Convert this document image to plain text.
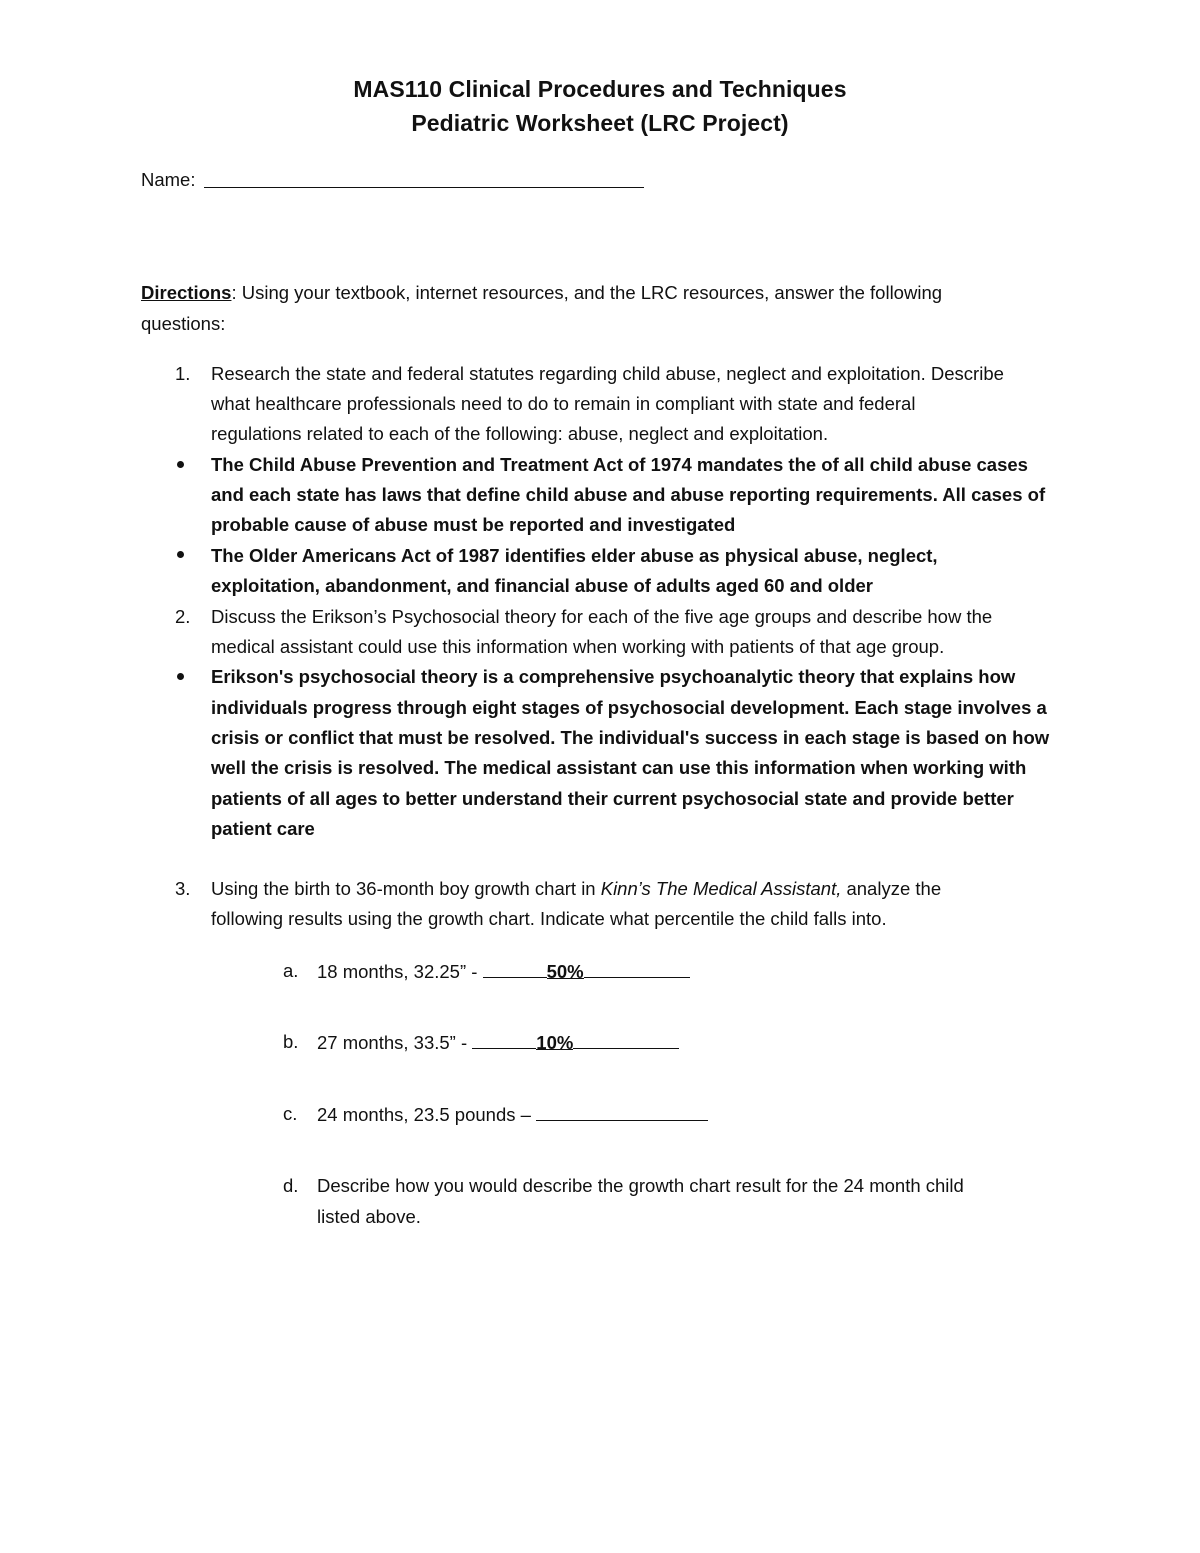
MAS110 Clinical Procedures and Techniques
Pediatric Worksheet (LRC Project)
Name:
Directions: Using your textbook, internet resources, and the LRC resources, answer the following
questions:
1. Research the state and federal statutes regarding child abuse, neglect and exploitation. Describe
what healthcare professionals need to do to remain in compliant with state and federal
regulations related to each of the following: abuse, neglect and exploitation.
The Child Abuse Prevention and Treatment Act of 1974 mandates the of all child abuse cases
and each state has laws that define child abuse and abuse reporting requirements. All cases of
probable cause of abuse must be reported and investigated
The Older Americans Act of 1987 identifies elder abuse as physical abuse, neglect,
exploitation, abandonment, and financial abuse of adults aged 60 and older
2. Discuss the Erikson’s Psychosocial theory for each of the five age groups and describe how the
medical assistant could use this information when working with patients of that age group.
Erikson's psychosocial theory is a comprehensive psychoanalytic theory that explains how
individuals progress through eight stages of psychosocial development. Each stage involves a
crisis or conflict that must be resolved. The individual's success in each stage is based on how
well the crisis is resolved. The medical assistant can use this information when working with
patients of all ages to better understand their current psychosocial state and provide better
patient care
3. Using the birth to 36-month boy growth chart in Kinn’s The Medical Assistant, analyze the
following results using the growth chart. Indicate what percentile the child falls into.
a. 18 months, 32.25” -	50%
b. 27 months, 33.5” -	10%
c. 24 months, 23.5 pounds –
d. Describe how you would describe the growth chart result for the 24 month child
listed above.
